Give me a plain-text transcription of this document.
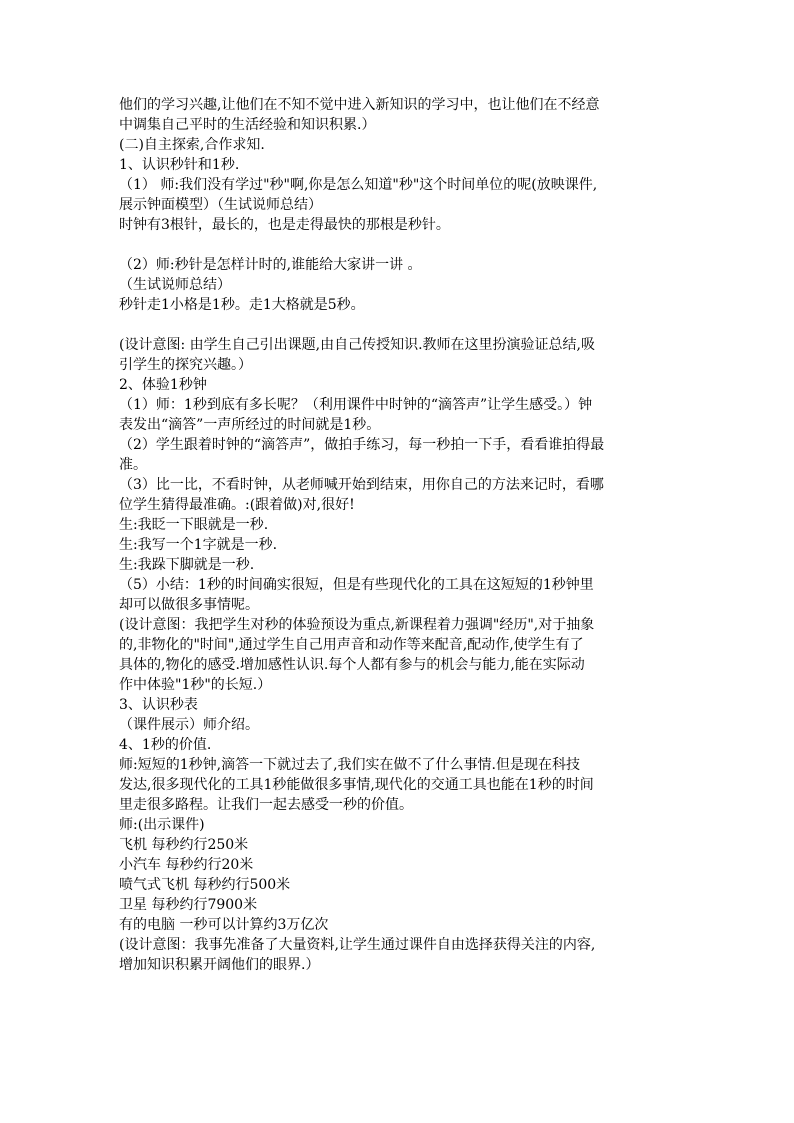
他们的学习兴趣,让他们在不知不觉中进入新知识的学习中，也让他们在不经意

中调集自己平时的生活经验和知识积累.）

(二)自主探索,合作求知.

1、认识秒针和1秒.

（1） 师:我们没有学过"秒"啊,你是怎么知道"秒"这个时间单位的呢(放映课件,

展示钟面模型）（生试说师总结）

时钟有3根针，最长的，也是走得最快的那根是秒针。

（2）师:秒针是怎样计时的,谁能给大家讲一讲 。

（生试说师总结）

秒针走1小格是1秒。走1大格就是5秒。

(设计意图: 由学生自己引出课题,由自己传授知识.教师在这里扮演验证总结,吸

引学生的探究兴趣。）

2、体验1秒钟

（1）师：1秒到底有多长呢？（利用课件中时钟的“滴答声”让学生感受。）钟

表发出“滴答”一声所经过的时间就是1秒。

（2）学生跟着时钟的“滴答声”，做拍手练习，每一秒拍一下手，看看谁拍得最

准。

（3）比一比，不看时钟，从老师喊开始到结束，用你自己的方法来记时，看哪

位学生猜得最准确。:(跟着做)对,很好!

生:我眨一下眼就是一秒.

生:我写一个1字就是一秒.

生:我跺下脚就是一秒.

（5）小结：1秒的时间确实很短，但是有些现代化的工具在这短短的1秒钟里

却可以做很多事情呢。

(设计意图：我把学生对秒的体验预设为重点,新课程着力强调"经历",对于抽象

的,非物化的"时间",通过学生自己用声音和动作等来配音,配动作,使学生有了

具体的,物化的感受.增加感性认识.每个人都有参与的机会与能力,能在实际动

作中体验"1秒"的长短.）

3、认识秒表

（课件展示）师介绍。

4、1秒的价值.

师:短短的1秒钟,滴答一下就过去了,我们实在做不了什么事情.但是现在科技

发达,很多现代化的工具1秒能做很多事情,现代化的交通工具也能在1秒的时间

里走很多路程。让我们一起去感受一秒的价值。

师:(出示课件)

飞机 每秒约行250米

小汽车 每秒约行20米

喷气式飞机 每秒约行500米

卫星 每秒约行7900米

有的电脑 一秒可以计算约3万亿次

(设计意图：我事先准备了大量资料,让学生通过课件自由选择获得关注的内容,

增加知识积累开阔他们的眼界.）
